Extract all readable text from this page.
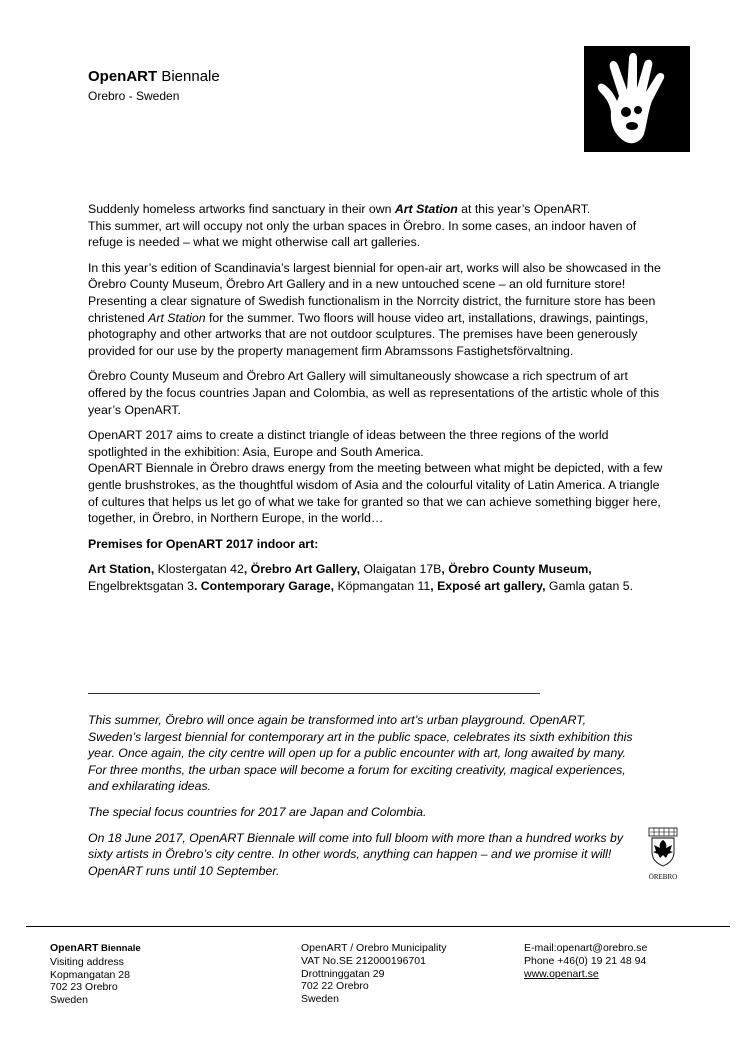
OpenART Biennale
Orebro - Sweden

Suddenly homeless artworks find sanctuary in their own Art Station at this year’s OpenART.

This summer, art will occupy not only the urban spaces in Örebro. In some cases, an indoor haven of refuge is needed – what we might otherwise call art galleries.

In this year’s edition of Scandinavia’s largest biennial for open-air art, works will also be showcased in the Örebro County Museum, Örebro Art Gallery and in a new untouched scene – an old furniture store!

Presenting a clear signature of Swedish functionalism in the Norrcity district, the furniture store has been christened Art Station for the summer. Two floors will house video art, installations, drawings, paintings, photography and other artworks that are not outdoor sculptures. The premises have been generously provided for our use by the property management firm Abramssons Fastighetsförvaltning.

Örebro County Museum and Örebro Art Gallery will simultaneously showcase a rich spectrum of art offered by the focus countries Japan and Colombia, as well as representations of the artistic whole of this year’s OpenART.

OpenART 2017 aims to create a distinct triangle of ideas between the three regions of the world spotlighted in the exhibition: Asia, Europe and South America.

OpenART Biennale in Örebro draws energy from the meeting between what might be depicted, with a few gentle brushstrokes, as the thoughtful wisdom of Asia and the colourful vitality of Latin America. A triangle of cultures that helps us let go of what we take for granted so that we can achieve something bigger here, together, in Örebro, in Northern Europe, in the world…

Premises for OpenART 2017 indoor art:

Art Station, Klostergatan 42, Örebro Art Gallery, Olaigatan 17B, Örebro County Museum, Engelbrektsgatan 3. Contemporary Garage, Köpmangatan 11, Exposé art gallery, Gamla gatan 5.

This summer, Örebro will once again be transformed into art’s urban playground. OpenART, Sweden’s largest biennial for contemporary art in the public space, celebrates its sixth exhibition this year. Once again, the city centre will open up for a public encounter with art, long awaited by many. For three months, the urban space will become a forum for exciting creativity, magical experiences, and exhilarating ideas.

The special focus countries for 2017 are Japan and Colombia.

On 18 June 2017, OpenART Biennale will come into full bloom with more than a hundred works by sixty artists in Örebro’s city centre. In other words, anything can happen – and we promise it will! OpenART runs until 10 September.	ÖREBRO
OpenART Biennale
Visiting address
Kopmangatan 28
702 23 Orebro
Sweden
OpenART / Orebro Municipality
VAT No.SE 212000196701
Drottninggatan 29
702 22 Orebro
Sweden
E-mail:openart@orebro.se
Phone +46(0) 19 21 48 94
www.openart.se
